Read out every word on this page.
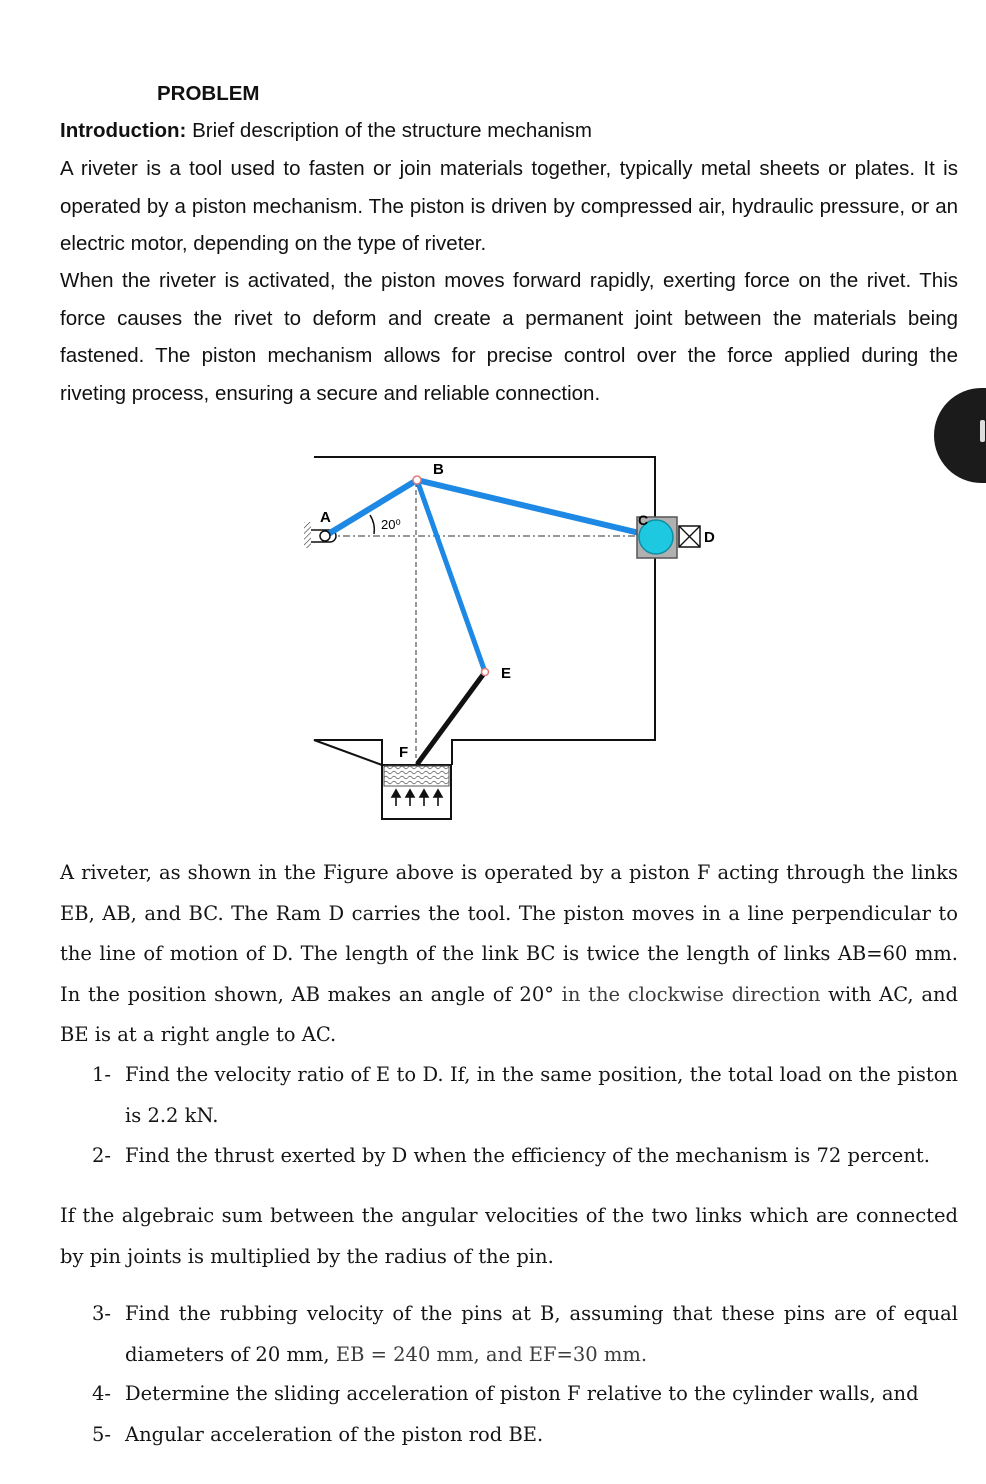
PROBLEM
Introduction: Brief description of the structure mechanism
A riveter is a tool used to fasten or join materials together, typically metal sheets or plates. It is operated by a piston mechanism. The piston is driven by compressed air, hydraulic pressure, or an electric motor, depending on the type of riveter.
When the riveter is activated, the piston moves forward rapidly, exerting force on the rivet. This force causes the rivet to deform and create a permanent joint between the materials being fastened. The piston mechanism allows for precise control over the force applied during the riveting process, ensuring a secure and reliable connection.
A
B
C
D
E
F
20⁰
A riveter, as shown in the Figure above is operated by a piston F acting through the links EB, AB, and BC. The Ram D carries the tool. The piston moves in a line perpendicular to the line of motion of D. The length of the link BC is twice the length of links AB=60 mm. In the position shown, AB makes an angle of 20° in the clockwise direction with AC, and BE is at a right angle to AC.
1- Find the velocity ratio of E to D. If, in the same position, the total load on the piston is 2.2 kN.
2- Find the thrust exerted by D when the efficiency of the mechanism is 72 percent.
If the algebraic sum between the angular velocities of the two links which are connected by pin joints is multiplied by the radius of the pin.
3- Find the rubbing velocity of the pins at B, assuming that these pins are of equal diameters of 20 mm, EB = 240 mm, and EF=30 mm.
4- Determine the sliding acceleration of piston F relative to the cylinder walls, and
5- Angular acceleration of the piston rod BE.
